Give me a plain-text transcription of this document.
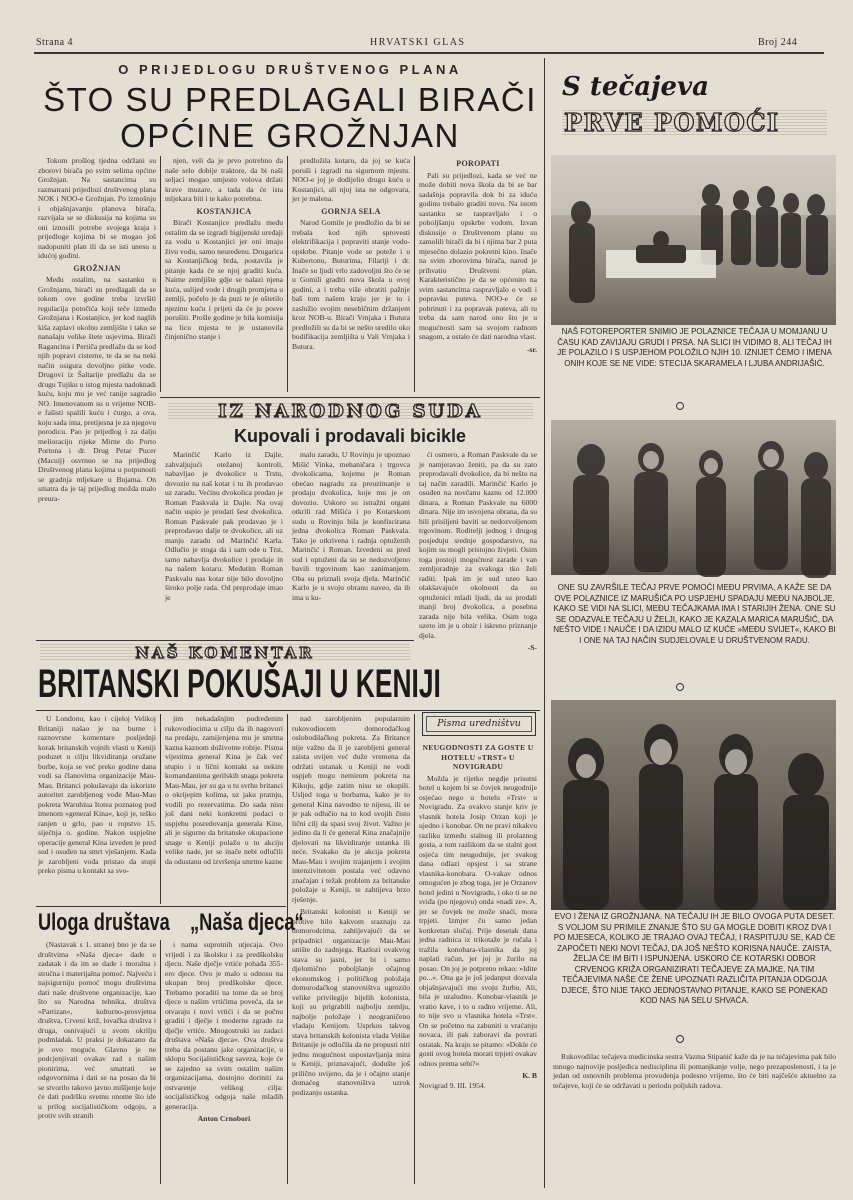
Strana 4	HRVATSKI GLAS	Broj 244
O PRIJEDLOGU DRUŠTVENOG PLANA
ŠTO SU PREDLAGALI BIRAČI
OPĆINE GROŽNJAN

Tokom prošlog tjedna održani su zborovi birača po svim selima općine Grožnjan. Na sastancima su razmatrani prijedlozi društvenog plana NOK i NOO-e Grožnjan. Po izmošnju i objašnjavanju planova birača, razvijala se se diskusija na kojima su oni iznosili potrebe svojega kraja i prijedloge kojima bi se mogao još nadopuniti plan ili da se isti unesu u idućoj godini.

GROŽNJAN

Među ostalim, na sastanku u Grožnjanu, birači su predlagali da se tokom ove godine treba izvršiti regulacija potočića koji teče između Grožnjana i Kostanjice, jer kod naglih kiša zaplavi okolno zemljište i tako se nanašaju velike štete usjevima. Birači Ragancina i Pertiča predlažu da se kod njih popravi cisterne, te da se na neki način osigura dovoljno pitke vode. Drugovi iz Šaltarije predlažu da se drugu Tujiku u istog mjesta nadoknadi kuću, koju mu je već ranije sagradio NO. Imenovanom su u vrijeme NOB-e fašisti spalili kuću i ćurgo, a ova, koju sada ima, pretijesna je za njegovu porodicu. Pao je prijedlog i za dalju melioraciju rijeke Mirne do Porto Portona i dr. Drug Petar Pucer (Macuij) osvrnuo se na prijedlog Društvenog plana kojima u potpunosti se gradnja mljekare u Bujama. On smatra da je taj prijedlog možda malo preura-

njen, veli da je prvo potrebno da naše selo dobije traktore, da bi naši seljaci mogao umjesto volova držati krave muzare, a tada da će ista mljekara biti i te kako potrebna.

KOSTANJICA

Birači Kostanjice predlažu među ostalim da se izgradi higijenski uređaji za vodu u Kostanjici jer oni imaju živu vodu, samo neuređenu. Drugarica sa Kostanjičkog brda, postavila je pitanje kada će se njoj graditi kuća. Naime zemljište gdje se nalazi njena kuća, uslijed vode i drugih promjena u zemlji, počelo je da puzi te je oštetilo njezinu kuću i prijeti da će ju posve porušiti. Prošle godine je bila komisija na licu mjesta te je ustanovila činjenično stanje i

predložila kotaru, da joj se kuća poruši i izgradi na sigurnom mjestu. NOO-e joj je dodijelio drugu kuću u Kostanjici, ali njoj ista ne odgovara, jer je malena.

GORNJA SELA

Narod Gomile je predložio da bi se trebala kod njih sprovesti elektrifikacija i popraviti stanje vodo-opskrbe. Pitanje vode se poteže i u Kubertonu, Buturima, Filariji i dr. Inače su ljudi vrlo zadovoljni što će se u Gomili graditi nova škola u ovoj godini, a i treba više obratiti pažnje baš tom našem kraju jer je to i zaslužio svojim nesebičnim držanjem kroz NOB-u. Birači Vrnjaka i Butura predložili su da bi se nešto uredilo oko bodifikacija zemljišta u Vali Vrnjaka i Butura.

POROPATI

Pali su prijedlozi, kada se već ne može dobiti nova škola da bi se bar sadašnja popravila dok bi za iduću godinu trebalo graditi novu. Na istom sastanku se raspravljalo i o poboljšanju opskrbe vodom. Izvan diskusije o Društvenom planu su zamolili birači da bi i njima bar 2 puta mjesečno dolazio pokretni kino. Inače na svim zborovima birača, narod je prihvatio Društveni plan. Karakteristično je da se općenito na svim sastancima raspravljalo o vodi i popravku puteva. NOO-e će se pobrinuti i za popravak puteva, ali tu treba da sam narod ono što je u mogućnosti sam sa svojom radnom snagom, a ostalo će dati narodna vlast.

-sr.
IZ NARODNOG SUDA
Kupovali i prodavali bicikle

Marinčić Karlo iz Dajle, zahvaljujući otežanoj kontroli, nabavljao je dvokolice u Trstu, dovozio na naš kotar i tu ih prodavao uz zaradu. Većinu dvokolica prodao je Roman Paskvala iz Dajle. Na ovaj način uspio je prodati šest dvokolica. Roman Paskvale pak prodavao je i preprodavao dalje te dvokolice, ali uz manju zaradu od Marinčić Karla. Odlučio je stoga da i sam ode u Trst, tamo nabavlja dvokolice i prodaje in na našem kotaru. Međutim Roman Paskvalu nas kotar nije bilo dovoljno široko polje rada. Od preprodaje imao je

malu zaradu, U Rovinju je upoznao Mišić Vinka, mehaničara i trgovca dvokolicama, kojemu je Roman obećao nagradu za preuzimanje u prodaju dvokolica, koje mu je on dovozio. Uskoro su istražni organi otkrili rad Mišića i po Kotarskom sudu u Rovinju bila je konfiscirana jedna dvokolica Roman Paskvala. Tako je otkrivena i radnja optuženih Marinčić i Roman. Izvedeni su pred sud i optuženi da su se nedozvoljeno bavili trgovinom kao zanimanjem. Oba su priznali svoja djela. Marinčić Karlo je u svoju obranu naveo, da ih ima u ku-

ći osmero, a Roman Paskvale da se je namjeravao ženiti, pa da su zato preprodavali dvokolice, da bi nešto na taj način zaradili. Marinčić Karlo je osuđen na novčanu kaznu od 12.000 dinara, a Roman Paskvale na 6000 dinara. Nije im usvojena obrana, da su bili prisiljeni baviti se nedozvoljenom trgovinom. Roditelji jednog i drugog posjeduju srednje gospodarstvo, na kojim su mogli pristojno živjeti. Osim toga postoji mogućnost zarade i van zemljoradnje za svakoga tko želi raditi. Ipak im je sud uzeo kao olakšavajuće okolnosti da su optuženici mladi ljudi, da su prodali manji broj dvokolica, a posebna zarada nije bila velika. Osim toga uzeto im je u obzir i iskreno priznanje djela.

-S-
NAŠ KOMENTAR
BRITANSKI POKUŠAJI U KENIJI

U Londonu, kao i cijeloj Velikoj Britaniji našao je na burne i raznovrsne komentare posljednji korak britanskih vojnih vlasti u Keniji poduzet u cilju likvidiranja oružane borbe, koja se već preko godine dana vodi sa članovima organizacije Mau-Mau. Britanci pokušavaju da iskoriste autoritet zarobljenog vođe Mau-Mau pokreta Waruhiua Itotea poznatog pod imenom »general Kina«, koji je, teško ranjen u grlo, pao u ropstvo 15. siječnja o. godine. Nakon uspješne operacije general Kina izveden je pred sud i osuđen na smrt vješanjem. Kada je zarobljeni vođa pristao da stupi preko pisma u kontakt sa svo-

jim nekadašnjim podređenim rukovodiocima u cilju da ih nagovori na predaju, zamijenjena mu je smrtna kazna kaznom doživotne robije. Pisma vijestima general Kina je čak već stupio i u lični kontakt sa nekim komandantima gerilskih snaga pokreta Mau-Mau, jer su ga u tu svrhu britanci o okrijepim kolima, uz jaku pratnju, vodili po rezervatima. Do sada nisu još dani neki konkretni podaci o uspjehu posredovanja generala Kine, ali je sigurno da britanske okupacione snage u Keniji polažu u tu akciju velike nade, jer se inače nebi odlučili da odustanu od izvršenja smrtne kazne

nad zarobljenim popularnim rukovodiocem domorodačkog oslobodilačkog pokreta. Za Britance nije važno da li je zarobljeni general zaista uvijen već duže vremena da održati ustanak u Keniji ne vodi uspjeh mogu nemirom pokreta na Kikuju, gdje zatim nisu se okupili. Usljed toga u borbama, kako je to general Kina navodno te nijesu, ili se je pak odlučio na to kod svojih čisto lični cilj da spasi svoj život. Važno je jedino da li će general Kina značajnije djelovati na likvidiranje ustanka ili neće. Svakako da je akcija pokreta Mau-Mau i svojim trajanjem i svojim intenzivitetom postala već odavno značajan i težak problem za britanske položaje u Keniji, te zahtijeva brzo rješenje.

Britanski kolonisti u Keniji se protive bilo kakvom sraznaju za domorodcima, zahtijevajući da se pripadnici organizacije Mau-Mau unište do zadnjega. Razlozi ovakvog stava su jasni, jer bi i samo djelomično poboljšanje očajnog ekonomskog i političkog položaja domorodačkog stanovništva ugrozilo velike privilegije bijelih kolonista, koji su prigrabili najbolju zemlju, najbolje položaje i neograničeno vladaju Kenijom. Usprkos takvog stava britanskih kolonista vlada Velike Britanije je odlučila da ne propusti niti jednu mogućnost uspostavljanja mira u Keniji, priznavajući, dodušte još prilično uvijeno, da je i očajno stanje domaćeg stanovništva uzrok podizanju ustanka.

Uloga društava „Naša djeca“

(Nastavak s 1. strane) bno je da se društvima »Naša djeca« dade u zadatak i da im se dade i moralna i stručna i materijalna pomoć. Najveću i najsigurniju pomoć mogu društvima dati naše društvene organizacije, kao što su Narodna tehnika, društva »Partizan«, kulturno-prosvjetna društva, Crveni križ, lovačka društva i druga, osnivajući u svom okrilju podmladak. U praksi je dokazano da je ovo moguće. Glavno je ne podcjenjivati ovakav rad s našim pionirima, već smatrati se odgovornima i dati se na posao da bi se stvorilo takovo javno mišljenje koje će dati podršku svemu onome što ide u prilog socijalističkom odgoju, a protiv svih stranih

i nama suprotnih utjecaja. Ovo vrijedi i za školsku i za predškolsku djecu. Naše dječje vrtiće pohađa 355-ero djece. Ovo je malo u odnosu na ukupan broj predškolske djece. Trebamo poraditi na tome da se broj djece u našim vrtićima poveća, da se otvaraju i novi vrtići i da se počnu graditi i dječje i moderne zgrade za dječje vrtiće. Mnogostruki su zadaci društava »Naša djeca«. Ova društva treba da postanu jake organizacije, u sklopu Socijalističkog saveza, koje će se zajedno sa svim ostalim našim organizacijama, dostojno doriniti za ostvarenje velikog cilja: socijalističkog odgoja naše mladih generacija.

Anton Crnobori
Pisma uredništvu
NEUGODNOSTI ZA GOSTE U HOTELU »TRST« U NOVIGRADU

Možda je rijetko negdje prisutni hotel u kojem bi se čovjek neugodnije osjećao nego u hotelu »Trst« u Novigradu. Za ovakvo stanje kriv je vlasnik hotela Josip Orzan koji je ujedno i konobar. On ne pravi nikakvu razliku između stalnog ili prolaznog gosta, a tom razlikom da se stalni gost osjeća tim neugodnije, jer svakog dana odlazi opsjest i sa strane vlasnika-konobara. O-vakav odnos omogućen je zbog toga, jer je Orzanov hotel jedini u Novigradu, i oko ti se ne sviđa (po njegovu) onda »nadi ze«. A, jer se čovjek ne može snaći, mora trpjeti. Izmjer ču samo jedan konkretan slučaj. Prije desetak dana jedna radnica iz trikotaže je ručala i tražila konobara-vlasnika da joj naplati račun, jer joj je žurilo na posao. On joj je potpreno rekao: »Idite po...«. Ona ga je još jedanput dozvala objašnjavajući mu svoju žurbu. Ali, bila je uzaludno. Konobar-vlasnik je vratio kave, i to u rađno vrijeme. Ali, to nije svo u vlasnika hotela »Trst«. On se početno na zabuniti u vraćanju novaca, ili pak zaboravi da povrati ostatak. Na kraju se pitamo: »Dokle će gosti ovog hotela morati trpjeti ovakav odnos prema sebi?«

K. B
Novigrad 9. III. 1954.
S tečajeva
PRVE POMOĆI
NAŠ FOTOREPORTER SNIMIO JE POLAZNICE TEČAJA U MOMJANU U ČASU KAD ZAVIJAJU GRUDI I PRSA. NA SLICI IH VIDIMO 8, ALI TEČAJ IH JE POLAZILO I S USPJEHOM POLOŽILO NJIH 10. IZNIJET ĆEMO I IMENA ONIH KOJE SE NE VIDE: STECIJA SKARAMELA I LJUBA ANDRIJAŠIĆ.
ONE SU ZAVRŠILE TEČAJ PRVE POMOĆI MEĐU PRVIMA, A KAŽE SE DA OVE POLAZNICE IZ MARUŠIĆA PO USPJEHU SPADAJU MEĐU NAJBOLJE. KAKO SE VIDI NA SLICI, MEĐU TEČAJKAMA IMA I STARIJIH ŽENA. ONE SU SE ODAZVALE TEČAJU U ŽELJI, KAKO JE KAZALA MARICA MARUŠIĆ, DA NEŠTO VIDE I NAUČE I DA IZIDU MALO IZ KUĆE »MEĐU SVIJET«, KAKO BI I ONE NA TAJ NAČIN SUDJELOVALE U DRUŠTVENOM RADU.
EVO I ŽENA IZ GROŽNJANA. NA TEČAJU IH JE BILO OVOGA PUTA DESET. S VOLJOM SU PRIMILE ZNANJE ŠTO SU GA MOGLE DOBITI KROZ DVA I PO MJESECA, KOLIKO JE TRAJAO OVAJ TEČAJ, I RASPITUJU SE, KAD ĆE ZAPOČETI NEKI NOVI TEČAJ, DA JOŠ NEŠTO KORISNA NAUČE. ZAISTA, ŽELJA ĆE IM BITI I ISPUNJENA. USKORO ĆE KOTARSKI ODBOR CRVENOG KRIŽA ORGANIZIRATI TEČAJEVE ZA MAJKE. NA TIM TEČAJEVIMA NAŠE ĆE ŽENE UPOZNATI RAZLIČITA PITANJA ODGOJA DJECE, ŠTO NIJE TAKO JEDNOSTAVNO PITANJE, KAKO SE PONEKAD KOD NAS NA SELU SHVAĆA.

Rukovodilac tečajeva medicinska sestra Vazma Stipanić kaže da je na tečajevima pak bilo mnogo najnovije posljedica nedisciplina ili pomanjkanje volje, nego prezaposlenosti, i ta je jedan od osnovnih problema provođenja podesno vrijeme, što će biti najčešće aktuelno za tečajeve, koji će se održavati u periodu poljskih radova.
